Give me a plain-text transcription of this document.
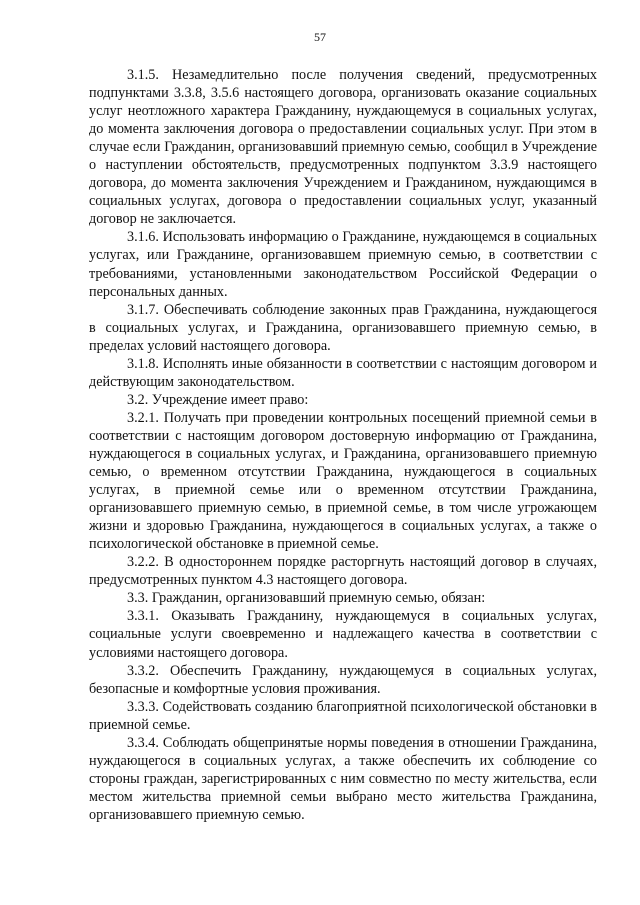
57

3.1.5. Незамедлительно после получения сведений, предусмотренных подпунктами 3.3.8, 3.5.6 настоящего договора, организовать оказание социальных услуг неотложного характера Гражданину, нуждающемуся в социальных услугах, до момента заключения договора о предоставлении социальных услуг. При этом в случае если Гражданин, организовавший приемную семью, сообщил в Учреждение о наступлении обстоятельств, предусмотренных подпунктом 3.3.9 настоящего договора, до момента заключения Учреждением и Гражданином, нуждающимся в социальных услугах, договора о предоставлении социальных услуг, указанный договор не заключается.

3.1.6. Использовать информацию о Гражданине, нуждающемся в социальных услугах, или Гражданине, организовавшем приемную семью, в соответствии с требованиями, установленными законодательством Российской Федерации о персональных данных.

3.1.7. Обеспечивать соблюдение законных прав Гражданина, нуждающегося в социальных услугах, и Гражданина, организовавшего приемную семью, в пределах условий настоящего договора.

3.1.8. Исполнять иные обязанности в соответствии с настоящим договором и действующим законодательством.

3.2. Учреждение имеет право:

3.2.1. Получать при проведении контрольных посещений приемной семьи в соответствии с настоящим договором достоверную информацию от Гражданина, нуждающегося в социальных услугах, и Гражданина, организовавшего приемную семью, о временном отсутствии Гражданина, нуждающегося в социальных услугах, в приемной семье или о временном отсутствии Гражданина, организовавшего приемную семью, в приемной семье, в том числе угрожающем жизни и здоровью Гражданина, нуждающегося в социальных услугах, а также о психологической обстановке в приемной семье.

3.2.2. В одностороннем порядке расторгнуть настоящий договор в случаях, предусмотренных пунктом 4.3 настоящего договора.

3.3. Гражданин, организовавший приемную семью, обязан:

3.3.1. Оказывать Гражданину, нуждающемуся в социальных услугах, социальные услуги своевременно и надлежащего качества в соответствии с условиями настоящего договора.

3.3.2. Обеспечить Гражданину, нуждающемуся в социальных услугах, безопасные и комфортные условия проживания.

3.3.3. Содействовать созданию благоприятной психологической обстановки в приемной семье.

3.3.4. Соблюдать общепринятые нормы поведения в отношении Гражданина, нуждающегося в социальных услугах, а также обеспечить их соблюдение со стороны граждан, зарегистрированных с ним совместно по месту жительства, если местом жительства приемной семьи выбрано место жительства Гражданина, организовавшего приемную семью.
